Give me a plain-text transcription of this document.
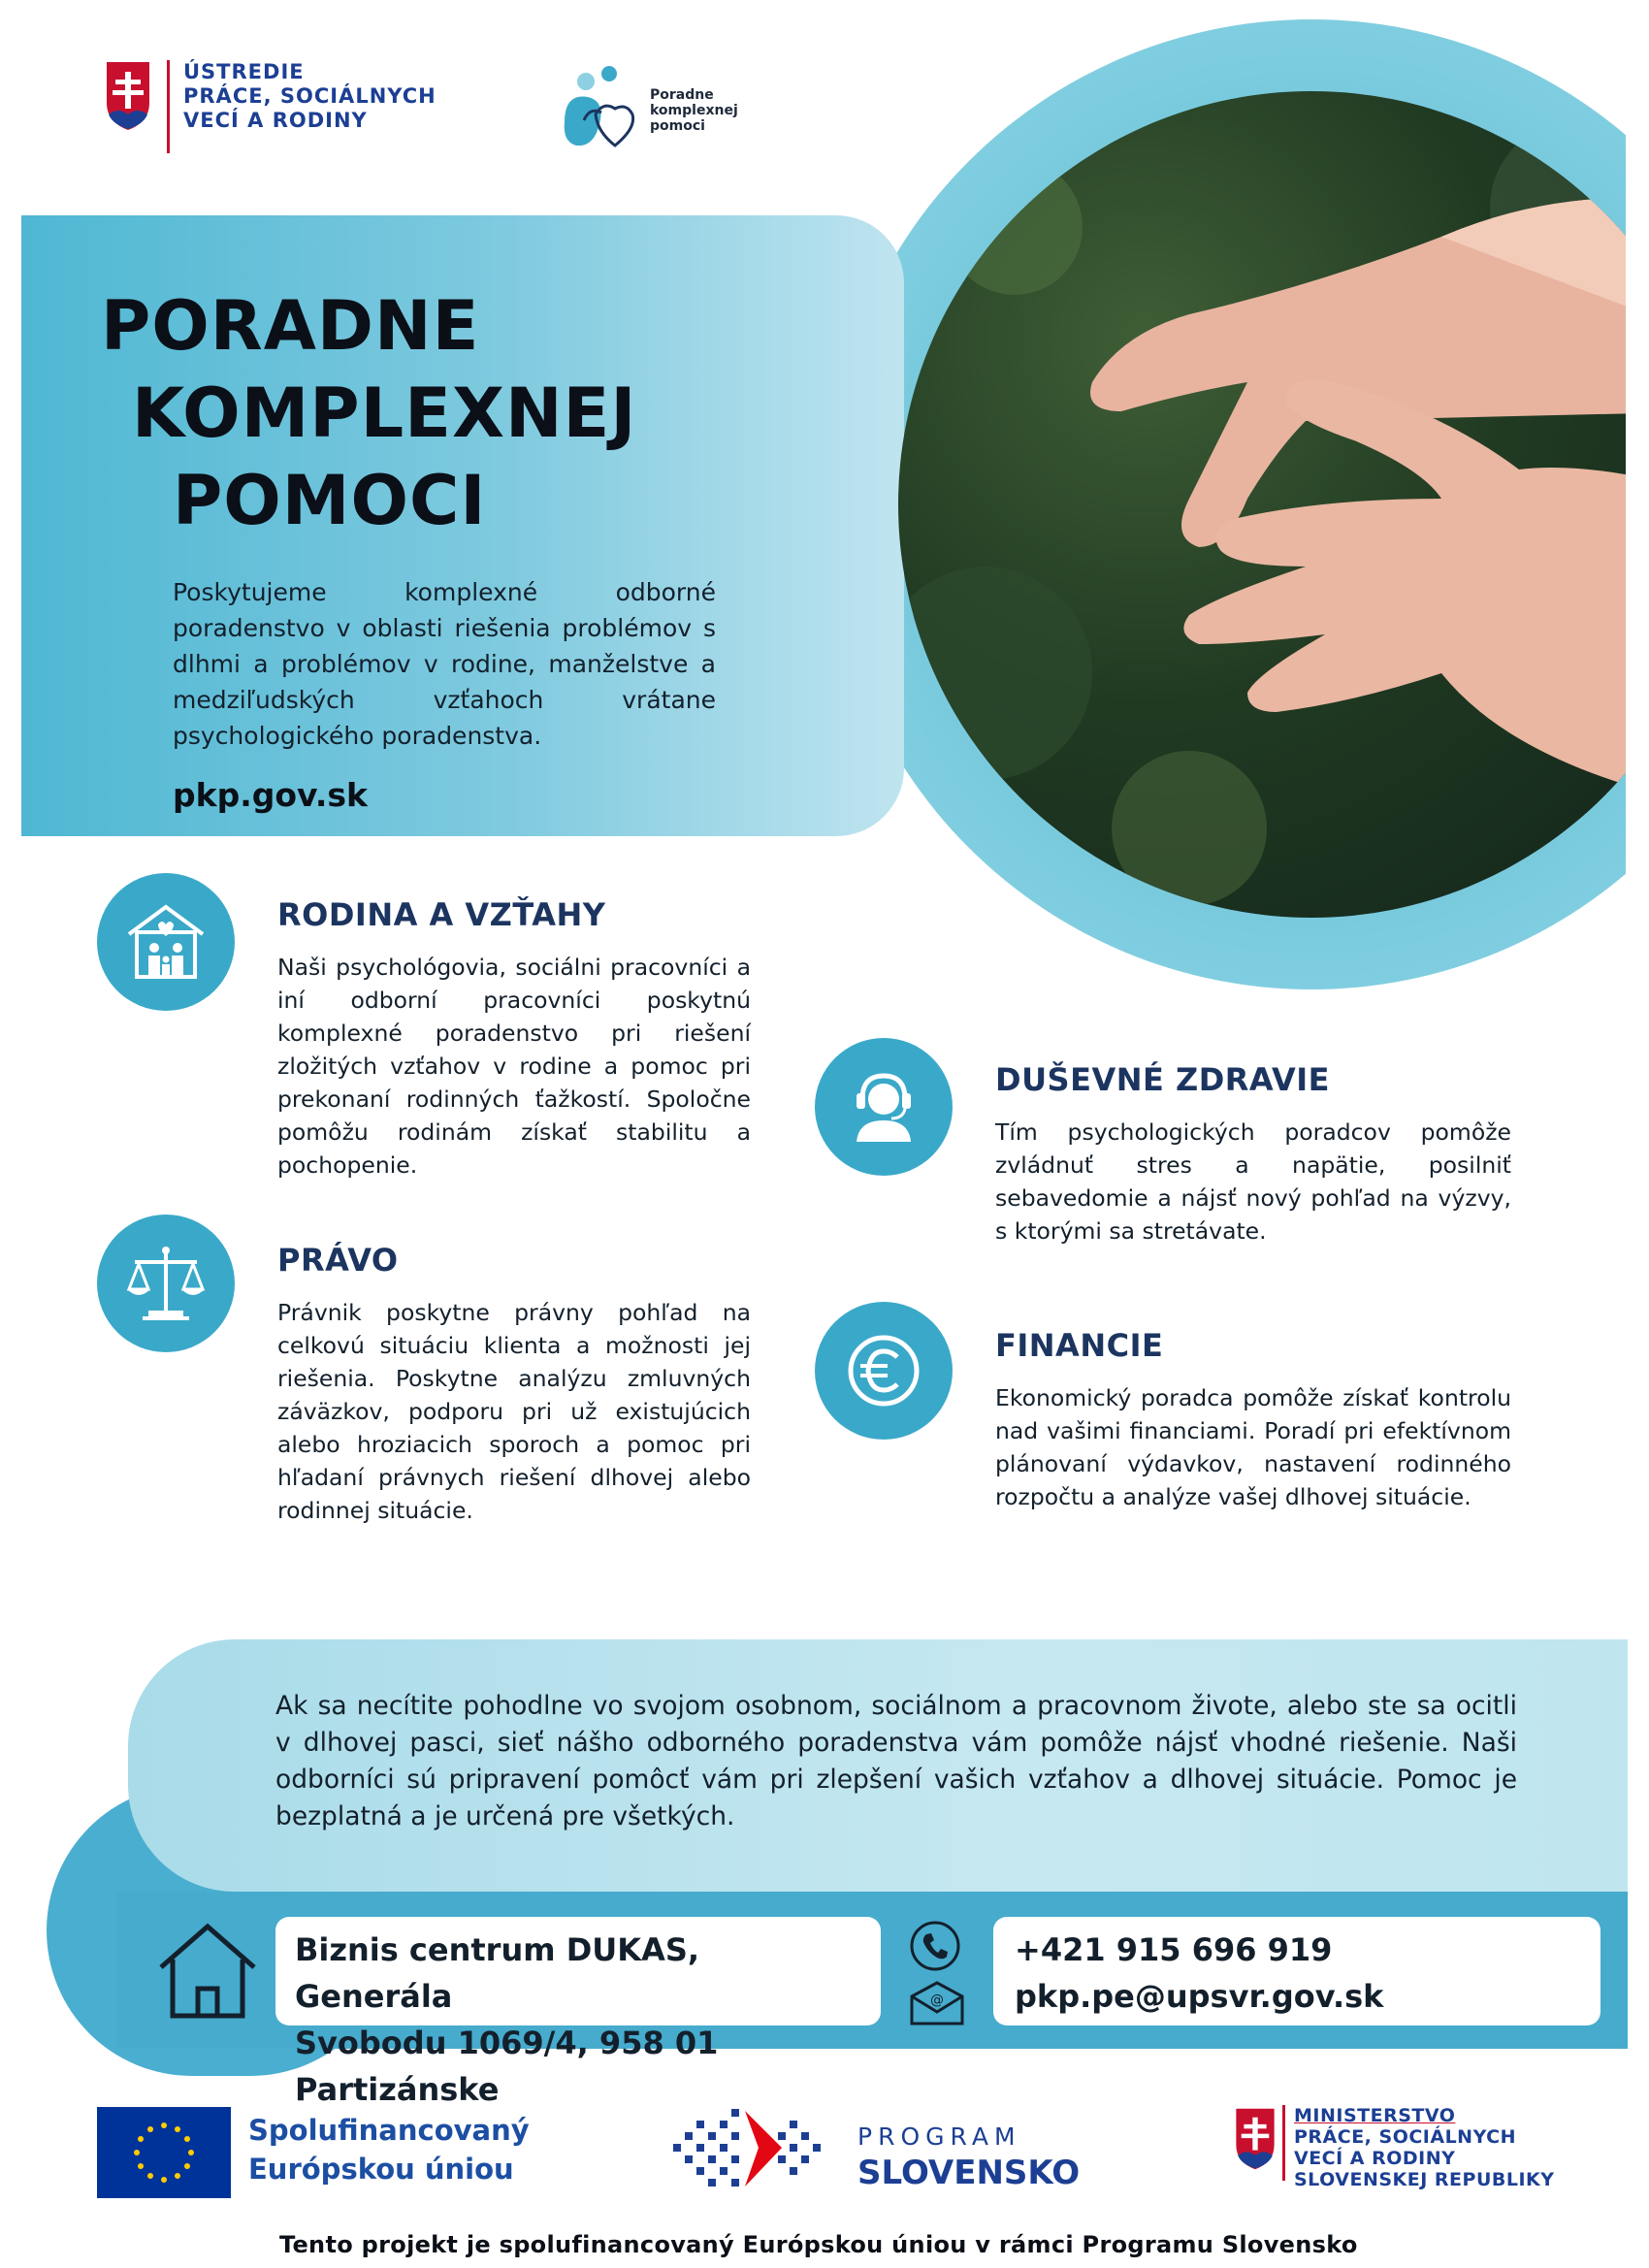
ÚSTREDIE
PRÁCE, SOCIÁLNYCH
VECÍ A RODINY
Poradne
komplexnej
pomoci
PORADNE
KOMPLEXNEJ
POMOCI
Poskytujeme komplexné odborné poradenstvo v oblasti riešenia problémov s dlhmi a problémov v rodine, manželstve a medziľudských vzťahoch vrátane psychologického poradenstva.
pkp.gov.sk
RODINA A VZŤAHY
Naši psychológovia, sociálni pracovníci a iní odborní pracovníci poskytnú komplexné poradenstvo pri riešení zložitých vzťahov v rodine a pomoc pri prekonaní rodinných ťažkostí. Spoločne pomôžu rodinám získať stabilitu a pochopenie.
DUŠEVNÉ ZDRAVIE
Tím psychologických poradcov pomôže zvládnuť stres a napätie, posilniť sebavedomie a nájsť nový pohľad na výzvy, s ktorými sa stretávate.
PRÁVO
Právnik poskytne právny pohľad na celkovú situáciu klienta a možnosti jej riešenia. Poskytne analýzu zmluvných záväzkov, podporu pri už existujúcich alebo hroziacich sporoch a pomoc pri hľadaní právnych riešení dlhovej alebo rodinnej situácie.
FINANCIE
Ekonomický poradca pomôže získať kontrolu nad vašimi financiami. Poradí pri efektívnom plánovaní výdavkov, nastavení rodinného rozpočtu a analýze vašej dlhovej situácie.
Ak sa necítite pohodlne vo svojom osobnom, sociálnom a pracovnom živote, alebo ste sa ocitli v dlhovej pasci, sieť nášho odborného poradenstva vám pomôže nájsť vhodné riešenie. Naši odborníci sú pripravení pomôcť vám pri zlepšení vašich vzťahov a dlhovej situácie. Pomoc je bezplatná a je určená pre všetkých.
Biznis centrum DUKAS, Generála
Svobodu 1069/4, 958 01 Partizánske
@
+421 915 696 919
pkp.pe@upsvr.gov.sk
Spolufinancovaný
Európskou úniou
PROGRAM
SLOVENSKO
MINISTERSTVO
PRÁCE, SOCIÁLNYCH
VECÍ A RODINY
SLOVENSKEJ REPUBLIKY
Tento projekt je spolufinancovaný Európskou úniou v rámci Programu Slovensko
